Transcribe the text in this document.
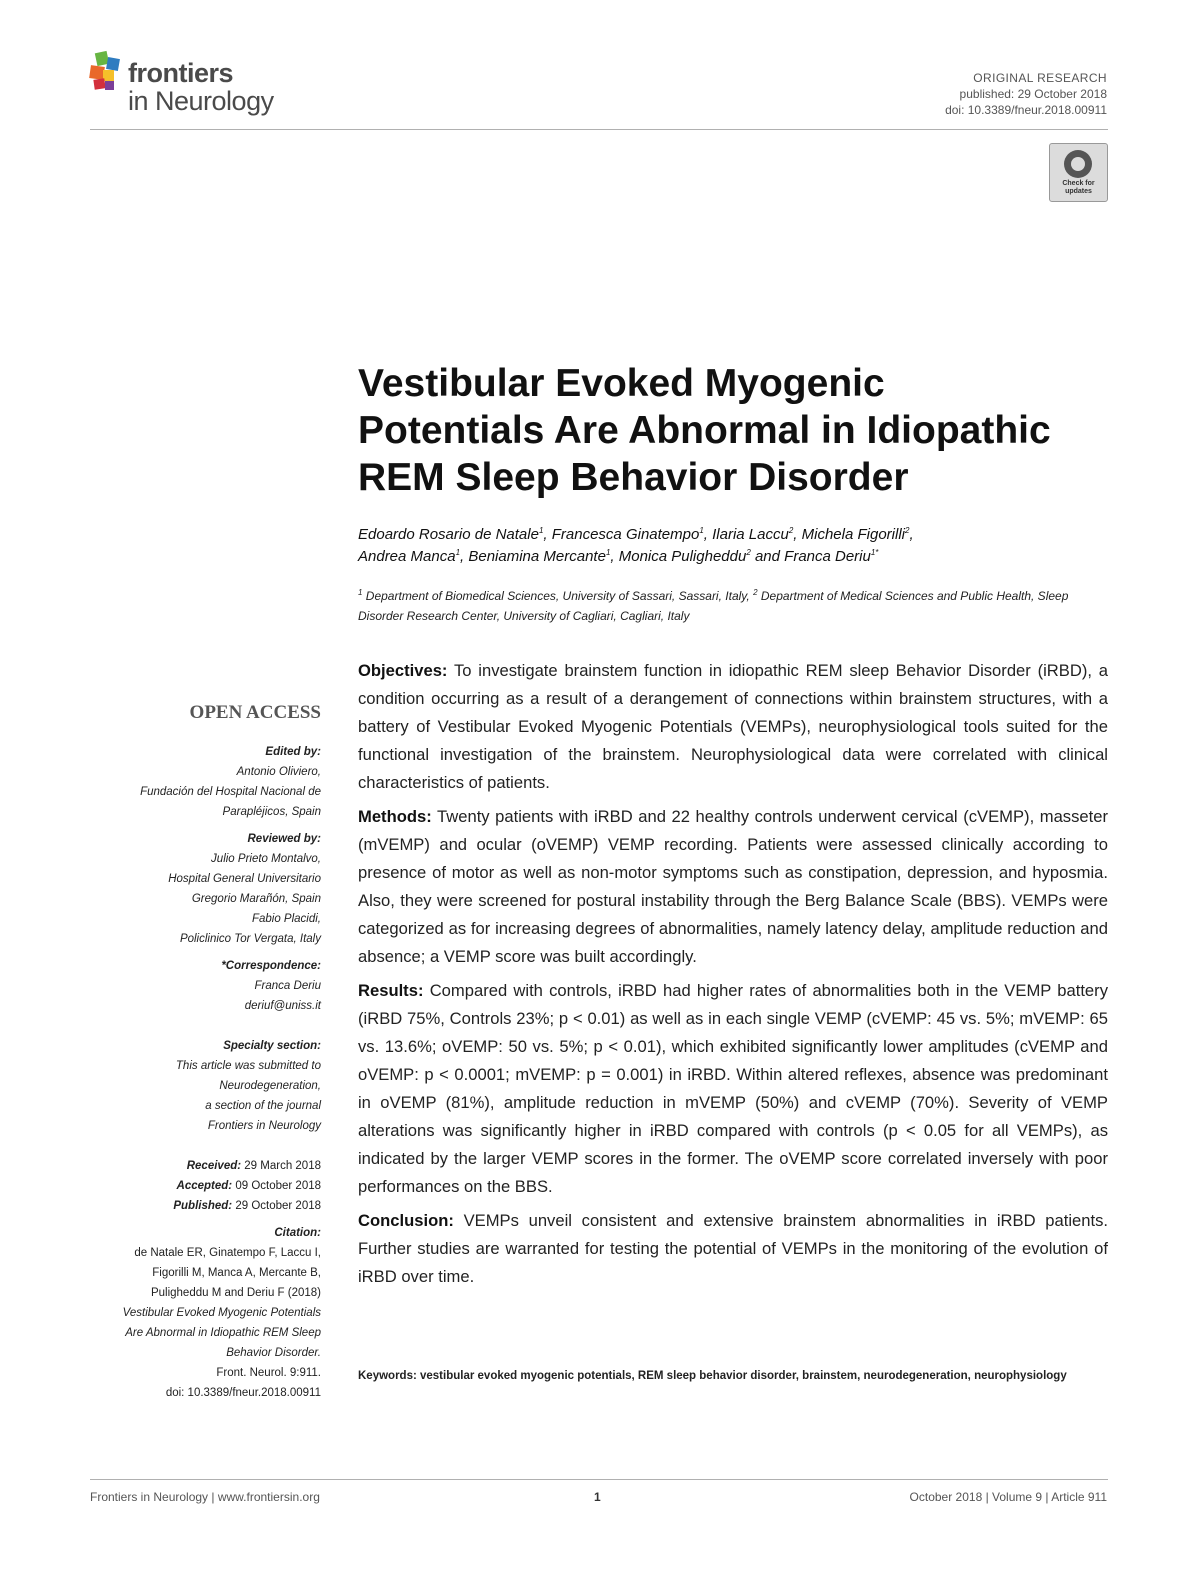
frontiers
in Neurology
ORIGINAL RESEARCH
published: 29 October 2018
doi: 10.3389/fneur.2018.00911
Check for
updates
Vestibular Evoked Myogenic
Potentials Are Abnormal in Idiopathic
REM Sleep Behavior Disorder
Edoardo Rosario de Natale$^1$, Francesca Ginatempo$^1$, Ilaria Laccu$^2$, Michela Figorilli$^2$,
Andrea Manca$^1$, Beniamina Mercante$^1$, Monica Puligheddu$^2$ and Franca Deriu$^{1*}$
$^1$ Department of Biomedical Sciences, University of Sassari, Sassari, Italy, $^2$ Department of Medical Sciences and Public Health, Sleep Disorder Research Center, University of Cagliari, Cagliari, Italy

Objectives: To investigate brainstem function in idiopathic REM sleep Behavior Disorder (iRBD), a condition occurring as a result of a derangement of connections within brainstem structures, with a battery of Vestibular Evoked Myogenic Potentials (VEMPs), neurophysiological tools suited for the functional investigation of the brainstem. Neurophysiological data were correlated with clinical characteristics of patients.

Methods: Twenty patients with iRBD and 22 healthy controls underwent cervical (cVEMP), masseter (mVEMP) and ocular (oVEMP) VEMP recording. Patients were assessed clinically according to presence of motor as well as non-motor symptoms such as constipation, depression, and hyposmia. Also, they were screened for postural instability through the Berg Balance Scale (BBS). VEMPs were categorized as for increasing degrees of abnormalities, namely latency delay, amplitude reduction and absence; a VEMP score was built accordingly.

Results: Compared with controls, iRBD had higher rates of abnormalities both in the VEMP battery (iRBD 75%, Controls 23%; p < 0.01) as well as in each single VEMP (cVEMP: 45 vs. 5%; mVEMP: 65 vs. 13.6%; oVEMP: 50 vs. 5%; p < 0.01), which exhibited significantly lower amplitudes (cVEMP and oVEMP: p < 0.0001; mVEMP: p = 0.001) in iRBD. Within altered reflexes, absence was predominant in oVEMP (81%), amplitude reduction in mVEMP (50%) and cVEMP (70%). Severity of VEMP alterations was significantly higher in iRBD compared with controls (p < 0.05 for all VEMPs), as indicated by the larger VEMP scores in the former. The oVEMP score correlated inversely with poor performances on the BBS.

Conclusion: VEMPs unveil consistent and extensive brainstem abnormalities in iRBD patients. Further studies are warranted for testing the potential of VEMPs in the monitoring of the evolution of iRBD over time.

Keywords: vestibular evoked myogenic potentials, REM sleep behavior disorder, brainstem, neurodegeneration, neurophysiology
OPEN ACCESS
Edited by:
Antonio Oliviero,
Fundación del Hospital Nacional de
Parapléjicos, Spain
Reviewed by:
Julio Prieto Montalvo,
Hospital General Universitario
Gregorio Marañón, Spain
Fabio Placidi,
Policlinico Tor Vergata, Italy
*Correspondence:
Franca Deriu
deriuf@uniss.it
Specialty section:
This article was submitted to
Neurodegeneration,
a section of the journal
Frontiers in Neurology
Received: 29 March 2018
Accepted: 09 October 2018
Published: 29 October 2018
Citation:
de Natale ER, Ginatempo F, Laccu I,
Figorilli M, Manca A, Mercante B,
Puligheddu M and Deriu F (2018)
Vestibular Evoked Myogenic Potentials
Are Abnormal in Idiopathic REM Sleep
Behavior Disorder.
Front. Neurol. 9:911.
doi: 10.3389/fneur.2018.00911
Frontiers in Neurology | www.frontiersin.org	1	October 2018 | Volume 9 | Article 911
